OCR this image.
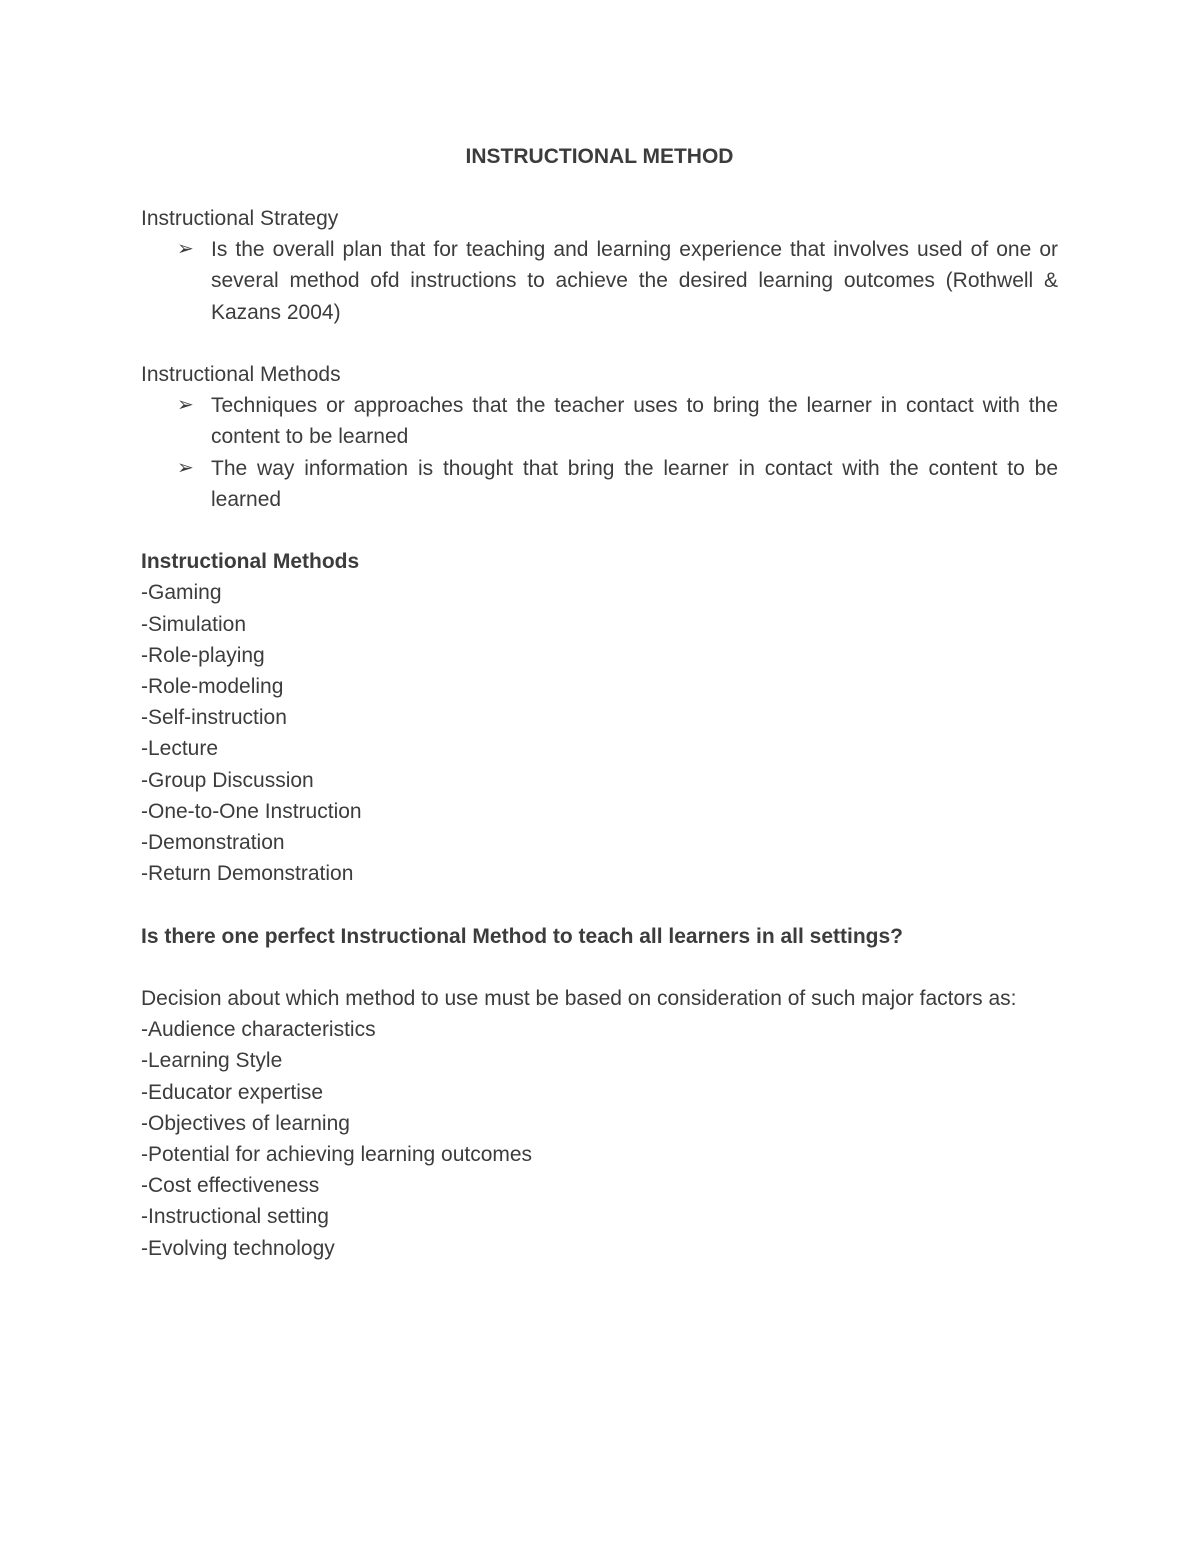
INSTRUCTIONAL METHOD

Instructional Strategy

➢ Is the overall plan that for teaching and learning experience that involves used of one or several method ofd instructions to achieve the desired learning outcomes (Rothwell & Kazans 2004)

Instructional Methods

➢ Techniques or approaches that the teacher uses to bring the learner in contact with the content to be learned
➢ The way information is thought that bring the learner in contact with the content to be learned

Instructional Methods

-Gaming

-Simulation

-Role-playing

-Role-modeling

-Self-instruction

-Lecture

-Group Discussion

-One-to-One Instruction

-Demonstration

-Return Demonstration

Is there one perfect Instructional Method to teach all learners in all settings?

Decision about which method to use must be based on consideration of such major factors as:

-Audience characteristics

-Learning Style

-Educator expertise

-Objectives of learning

-Potential for achieving learning outcomes

-Cost effectiveness

-Instructional setting

-Evolving technology
